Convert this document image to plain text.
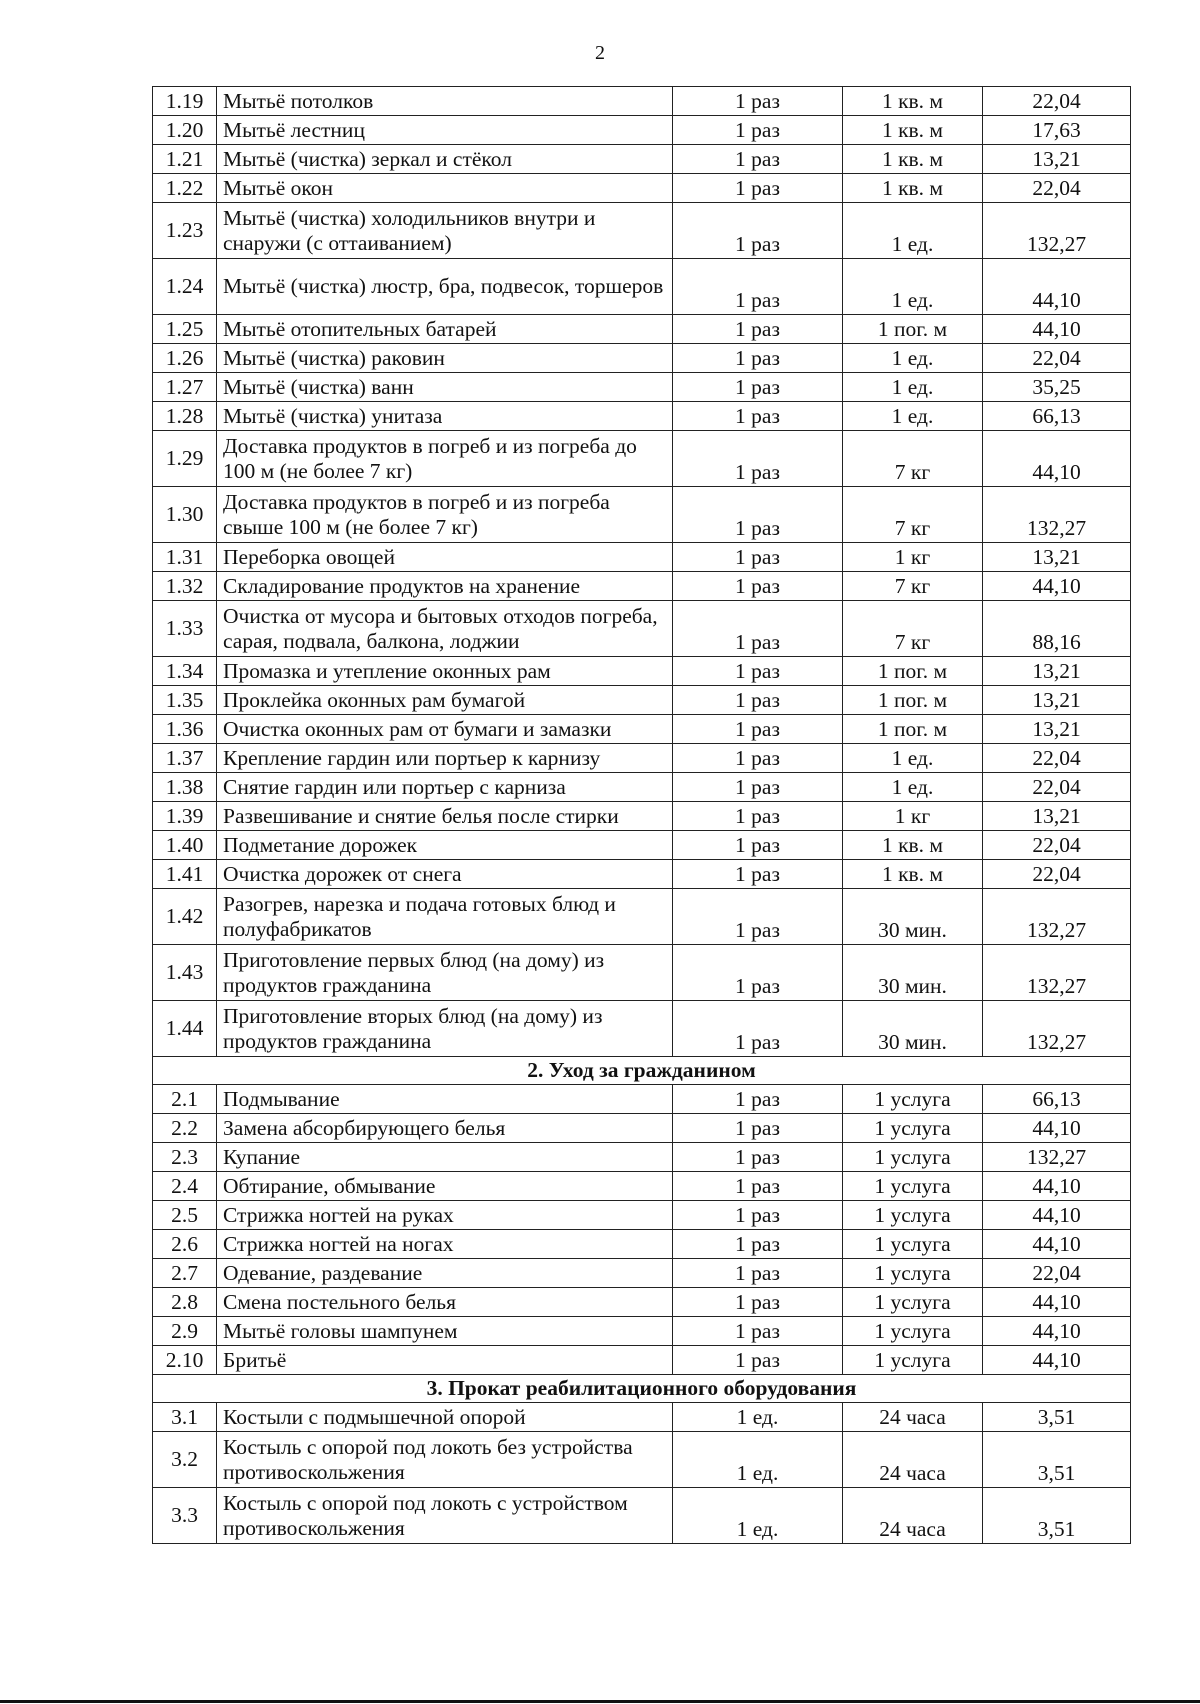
2
1.19	Мытьё потолков	1 раз	1 кв. м	22,04
1.20	Мытьё лестниц	1 раз	1 кв. м	17,63
1.21	Мытьё (чистка) зеркал и стёкол	1 раз	1 кв. м	13,21
1.22	Мытьё окон	1 раз	1 кв. м	22,04
1.23	Мытьё (чистка) холодильников внутри и снаружи (с оттаиванием)	1 раз	1 ед.	132,27
1.24	Мытьё (чистка) люстр, бра, подвесок, торшеров	1 раз	1 ед.	44,10
1.25	Мытьё отопительных батарей	1 раз	1 пог. м	44,10
1.26	Мытьё (чистка) раковин	1 раз	1 ед.	22,04
1.27	Мытьё (чистка) ванн	1 раз	1 ед.	35,25
1.28	Мытьё (чистка) унитаза	1 раз	1 ед.	66,13
1.29	Доставка продуктов в погреб и из погреба до 100 м (не более 7 кг)	1 раз	7 кг	44,10
1.30	Доставка продуктов в погреб и из погреба свыше 100 м (не более 7 кг)	1 раз	7 кг	132,27
1.31	Переборка овощей	1 раз	1 кг	13,21
1.32	Складирование продуктов на хранение	1 раз	7 кг	44,10
1.33	Очистка от мусора и бытовых отходов погреба, сарая, подвала, балкона, лоджии	1 раз	7 кг	88,16
1.34	Промазка и утепление оконных рам	1 раз	1 пог. м	13,21
1.35	Проклейка оконных рам бумагой	1 раз	1 пог. м	13,21
1.36	Очистка оконных рам от бумаги и замазки	1 раз	1 пог. м	13,21
1.37	Крепление гардин или портьер к карнизу	1 раз	1 ед.	22,04
1.38	Снятие гардин или портьер с карниза	1 раз	1 ед.	22,04
1.39	Развешивание и снятие белья после стирки	1 раз	1 кг	13,21
1.40	Подметание дорожек	1 раз	1 кв. м	22,04
1.41	Очистка дорожек от снега	1 раз	1 кв. м	22,04
1.42	Разогрев, нарезка и подача готовых блюд и полуфабрикатов	1 раз	30 мин.	132,27
1.43	Приготовление первых блюд (на дому) из продуктов гражданина	1 раз	30 мин.	132,27
1.44	Приготовление вторых блюд (на дому) из продуктов гражданина	1 раз	30 мин.	132,27
2. Уход за гражданином				
2.1	Подмывание	1 раз	1 услуга	66,13
2.2	Замена абсорбирующего белья	1 раз	1 услуга	44,10
2.3	Купание	1 раз	1 услуга	132,27
2.4	Обтирание, обмывание	1 раз	1 услуга	44,10
2.5	Стрижка ногтей на руках	1 раз	1 услуга	44,10
2.6	Стрижка ногтей на ногах	1 раз	1 услуга	44,10
2.7	Одевание, раздевание	1 раз	1 услуга	22,04
2.8	Смена постельного белья	1 раз	1 услуга	44,10
2.9	Мытьё головы шампунем	1 раз	1 услуга	44,10
2.10	Бритьё	1 раз	1 услуга	44,10
3. Прокат реабилитационного оборудования				
3.1	Костыли с подмышечной опорой	1 ед.	24 часа	3,51
3.2	Костыль с опорой под локоть без устройства противоскольжения	1 ед.	24 часа	3,51
3.3	Костыль с опорой под локоть с устройством противоскольжения	1 ед.	24 часа	3,51
